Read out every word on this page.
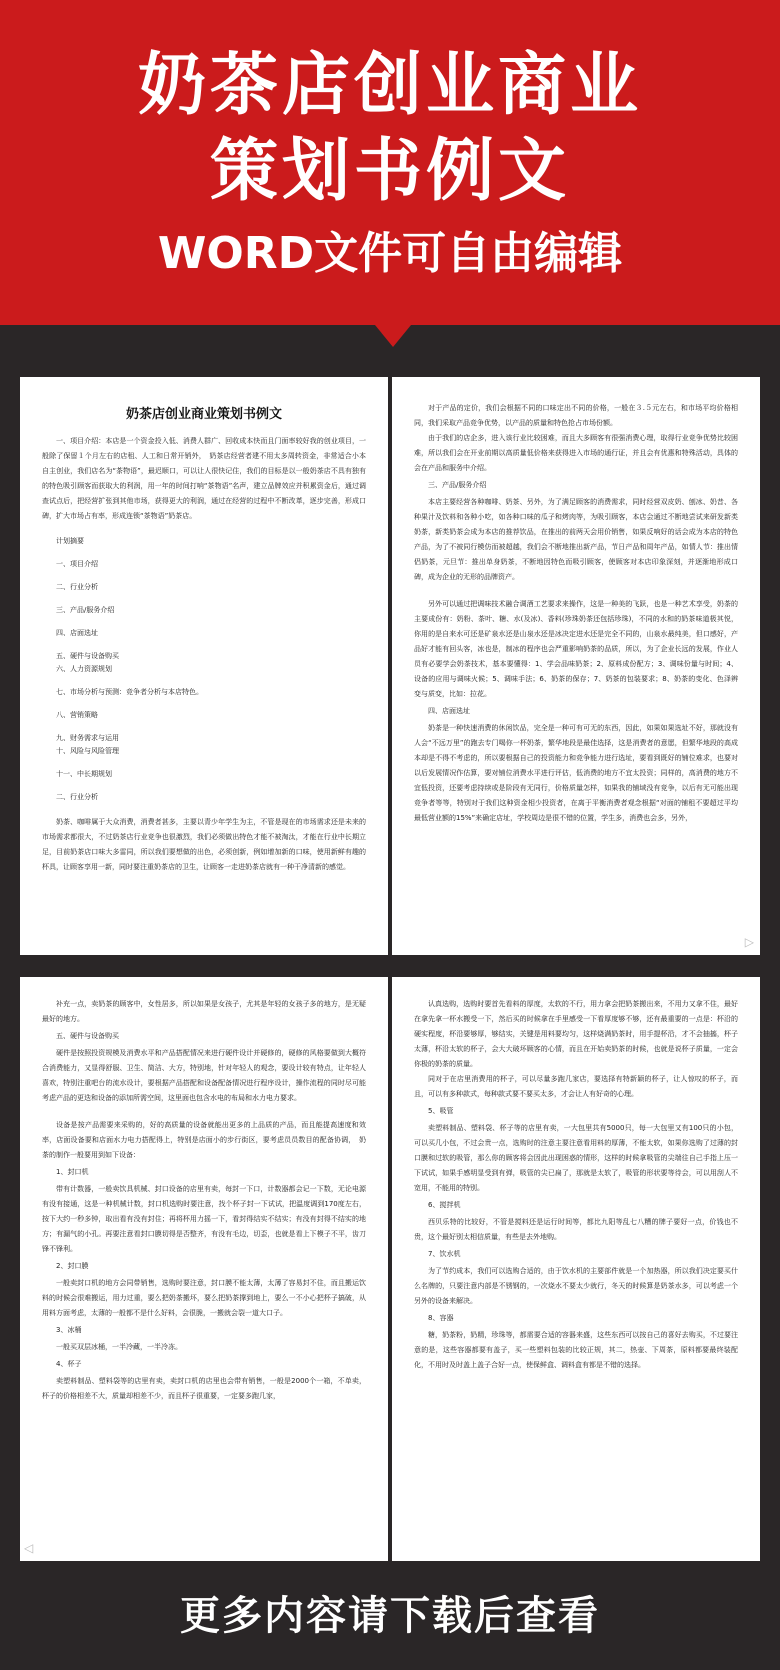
奶茶店创业商业
策划书例文
WORD文件可自由编辑
奶茶店创业商业策划书例文

一、项目介绍：本店是一个资金投入低、消费人群广、回收成本快而且门面率较好我的创业项目，一般除了保留１个月左右的店租、人工和日常开销外，　奶茶店经营者建不用太多周转资金，非常适合小本自主创业，我们店名为“茶物语”，最迟顺口，可以让人很快记住，我们的目标是以一般奶茶店不具有独有的特色吸引顾客而获取大的利润，用一年的时间打响“茶物语”名声，建立品牌效应并积累资金后，通过调查试点后，把经营扩张到其他市场，获得更大的利润，通过在经营的过程中不断改革，逐步完善，形成口碑，扩大市场占有率，形成连锁“茶物语”奶茶店。

计划摘要
一、项目介绍
二、行业分析
三、产品/服务介绍
四、店面选址
五、硬件与设备购买
六、人力资源规划
七、市场分析与预测：竞争者分析与本店特色。
八、营销策略
九、财务需求与运用
十、风险与风险管理
十一、中长期规划
二、行业分析

奶茶、咖啡属于大众消费，消费者甚多，主要以青少年学生为主，不管是现在的市场需求还是未来的市场需求都很大，不过奶茶店行业竞争也很激烈，我们必须做出特色才能不被淘汰，才能在行业中长期立足，目前奶茶店口味大多雷同，所以我们要想做的出色，必须创新，例如增加新的口味，使用新鲜有趣的杯具，让顾客享用一新，同时要注重奶茶店的卫生，让顾客一走进奶茶店就有一种干净清新的感觉。

对于产品的定价，我们会根据不同的口味定出不同的价格，一般在３.５元左右，和市场平均价格相同，我们采取产品竞争优势，以产品的质量和特色抢占市场份额。

由于我们的店企多，进入该行业比较困难，而且大多顾客有很强消费心理，取得行业竞争优势比较困难，所以我们会在开业前期以高质量低价格来获得进入市场的通行证，并且会有优惠和特殊活动，具体的会在产品和服务中介绍。

三、产品/服务介绍

本店主要经营各种咖啡、奶茶、另外，为了满足顾客的消费需求，同时经营双皮奶、刨冰、奶昔、各种果汁及饮料和各种小吃，如各种口味的瓜子和烤肉等，为吸引顾客，本店会通过不断地尝试来研发新类奶茶，新类奶茶会成为本店的推荐饮品，在推出的前两天会用价销售，如果反响好的话会成为本店的特色产品，为了不被同行模仿而被超越，我们会不断地推出新产品，节日产品和周年产品，如情人节：推出情侣奶茶，元旦节：推出单身奶茶，不断地因特色而吸引顾客，使顾客对本店印象深刻，并逐渐地形成口碑，成为企业的无形的品牌资产。

另外可以通过把调味技术融合调酒工艺要求来操作，这是一种美的飞跃，也是一种艺术享受，奶茶的主要成份有：奶粉、茶叶、糖、水(及冰)、香料(珍珠奶茶还包括珍珠)，不同的水和的奶茶味道极其悦，你用的是自来水可还是矿泉水还是山泉水还是冰决定进水还是完全不同的，山泉水最纯美，但口感好，产品好才能有回头客，冰也是，制冰的程序也会严重影响奶茶的品质，所以，为了企业长远的发展，作业人员有必要学会奶茶技术，基本要懂得：1、学会品味奶茶；2、原料成份配方；3、调味份量与时间；4、设备的应用与调味火候；5、调味手法；6、奶茶的保存；7、奶茶的包装要求；8、奶茶的变化、色泽辨变与质变，比如：拉花。

四、店面选址

奶茶是一种快速消费的休闲饮品，完全是一种可有可无的东西，因此，如果如果选址不好，那就没有人会“不远万里”的跑去专门喝你一杯奶茶，繁华地段是最佳选择，这是消费者的意愿，但繁华地段的高成本却是不得不考虑的，所以要根据自己的投资能力和竞争能力进行选址，要看到既好的铺位难求，也要对以后发展情况作估算，要对铺位消费水平进行评估，低消费的地方不宜太投资；同样的，高消费的地方不宜低投资，还要考虑持续或是阶段有无同行，价格质量怎样，如果我的铺域没有竞争，以后有无可能出现竞争者等等，特别对于我们这种资金相少投资者，在离于平衡消费者观念根据“对面的铺租不要超过平均最低营业额的15%”来确定店址，学校周边是很不错的位置，学生多，消费也会多，另外，

▷

补充一点，卖奶茶的顾客中，女性居多，所以如果是女孩子，尤其是年轻的女孩子多的地方，是无疑最好的地方。

五、硬件与设备购买

硬件是按照投资规模及消费水平和产品搭配情况来进行硬件设计并硬修的，硬修的风格要做到大概符合消费能力，又显得舒服、卫生、简洁、大方，特别地，针对年轻人的观念，要设计较有特点，让年轻人喜欢，特别注重吧台的流水设计，要根据产品搭配和设备配备情况进行程序设计，操作流程的同时尽可能考虑产品的更迭和设备的添加所需空间，这里面也包含水电的布局和水力电力要求。

设备是按产品需要来采购的，好的高质量的设备就能出更多的上品质的产品，而且能提高速度和效率，店面设备要和店面水力电力搭配得上，特别是店面小的步行街区，要考虑员员数目的配备协调，　奶茶的制作一般要用到如下设备：

1、封口机

带有计数器，一般卖饮具机械、封口设备的店里有卖，每封一下口，计数器都会记一下数，无论电源有没有接通，这是一种机械计数，封口机选购时要注意，找个杯子封一下试试，把温度调到170度左右，按下大约一秒多钟，取出看有没有封住；再将杯用力摇一下，看封得结实不结实；有没有封得不结实的地方；有漏气的小孔。再要注意看封口膜切得是否整齐，有没有毛边，切歪，也就是看上下模子不平，齿刀锋不锋利。

2、封口膜

一般卖封口机的地方会同带销售，选购时要注意，封口膜不能太薄，太薄了容易封不住，而且搬运饮料的时候会很难搬运，用力过重，要么把奶茶搬坏，要么把奶茶撑到地上，要么一不小心把杯子搞破，从用料方面考虑，太薄的一般都不是什么好料，会很脆，一搬就会裂一道大口子。

3、冰桶

一般买双层冰桶，一半冷藏，一半冷冻。

4、杯子

卖塑料制品、塑料袋等的店里有卖，卖封口机的店里也会带有销售，一般是2000个一箱，不单卖，杯子的价格相差不大，质量却相差不少，而且杯子很重要，一定要多跑几家，

◁

认真选购，选购时要首先看料的厚度，太软的不行，用力拿会把奶茶搬出来，不用力又拿不住，最好在拿先拿一杯水搬受一下，然后买的时候拿在手里感受一下看厚度够不够，还有最重要的一点是：杯沿的硬实程度，杯沿要够厚，够结实，关键是用料要均匀，这样烧满奶茶时，用手提杯沿，才不会抽搐，杯子太薄，杯沿太软的杯子，会大大破坏顾客的心情，而且在开始卖奶茶的时候，也就是说杯子质量，一定会你极的奶茶的质量。

同对于在店里消费用的杯子，可以尽量多跑几家店，要选择有特新颖的杯子，让人惊叹的杯子，而且，可以有多种款式，每种款式要不要买太多，才会让人有好奇的心理。

5、吸管

卖塑料制品、塑料袋、杯子等的店里有卖，一大包里共有5000只，每一大包里又有100只的小包，可以买几小包，不过会贵一点，选购时的注意主要注意看用料的厚薄，不能太软，如果你选购了过薄的封口膜和过软的吸管，那么你的顾客将会因此出现困惑的情形，这样的时候拿吸管的尖端往自己手指上压一下试试，如果手感明显受到有弹，吸管的尖已扁了，那就是太软了，吸管的形状要等待会，可以用刮人不宽用，不能用的特别。

6、搅拌机

西贝乐特的比较好，不管是搅料还是运行时间等，都比九阳等乱七八糟的牌子要好一点，价钱也不贵，这个最好别太相信质量，有些是去外地购。

7、饮水机

为了节约成本，我们可以选购合适的，由于饮水机的主要部件就是一个加热器，所以我们决定要买什么名牌的，只要注意内部是不锈钢的，一次烧水不要太少就行，冬天的时候算是奶茶水多，可以考虑一个另外的设备来解决。

8、容器

糖，奶茶粉，奶精，珍珠等，都需要合适的容器来盛，这些东西可以按自己的喜好去购买，不过要注意的是，这些容器都要有盖子，买一些塑料包装的比较正规，其二，热壶、下周茶，原料都要最终装配化，不用时及时盖上盖子合好一点，使保鲜盒、调料盒有都是不错的选择。

更多内容请下载后查看
